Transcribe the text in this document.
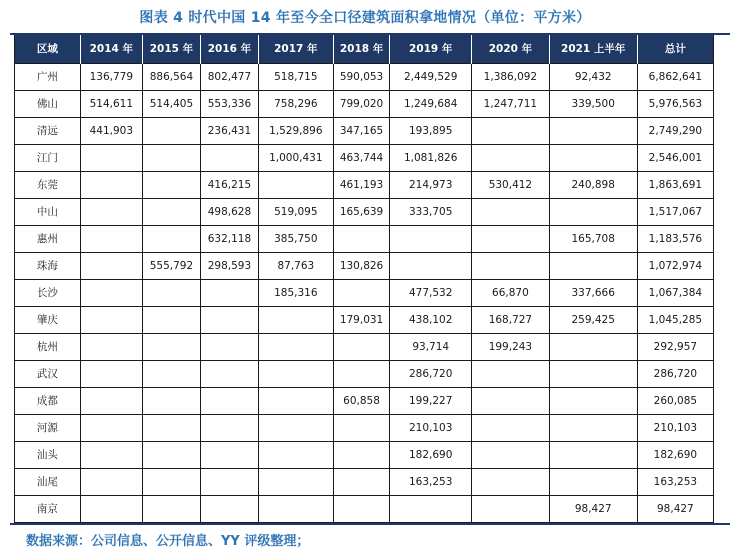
图表 4 时代中国 14 年至今全口径建筑面积拿地情况（单位：平方米）
区域	2014 年	2015 年	2016 年	2017 年	2018 年	2019 年	2020 年	2021 上半年	总计
广州	136,779	886,564	802,477	518,715	590,053	2,449,529	1,386,092	92,432	6,862,641
佛山	514,611	514,405	553,336	758,296	799,020	1,249,684	1,247,711	339,500	5,976,563
清远	441,903		236,431	1,529,896	347,165	193,895			2,749,290
江门				1,000,431	463,744	1,081,826			2,546,001
东莞			416,215		461,193	214,973	530,412	240,898	1,863,691
中山			498,628	519,095	165,639	333,705			1,517,067
惠州			632,118	385,750				165,708	1,183,576
珠海		555,792	298,593	87,763	130,826				1,072,974
长沙				185,316		477,532	66,870	337,666	1,067,384
肇庆					179,031	438,102	168,727	259,425	1,045,285
杭州						93,714	199,243		292,957
武汉						286,720			286,720
成都					60,858	199,227			260,085
河源						210,103			210,103
汕头						182,690			182,690
汕尾						163,253			163,253
南京								98,427	98,427
数据来源：公司信息、公开信息、YY 评级整理；
